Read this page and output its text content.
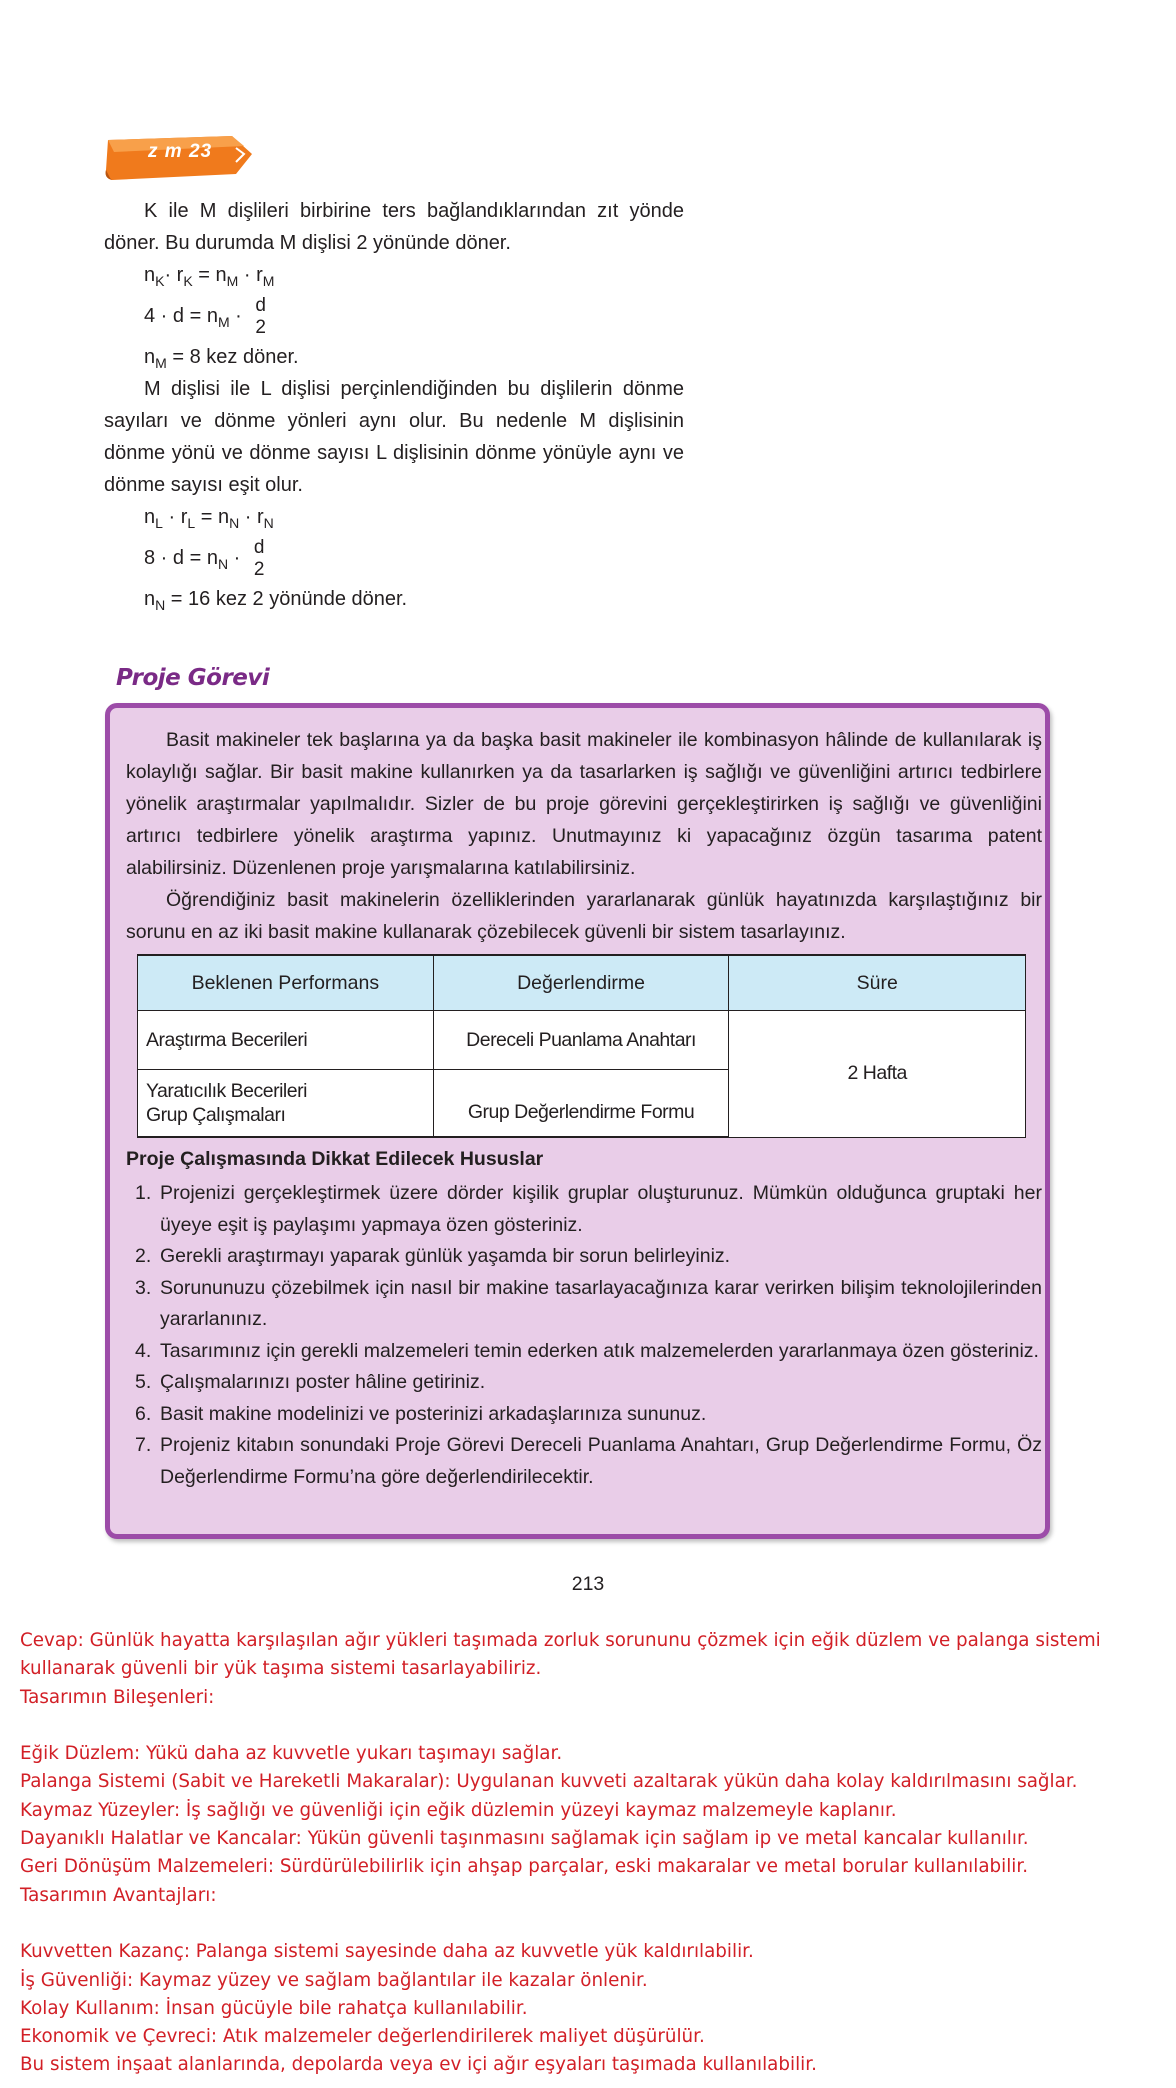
z m 23

K ile M dişlileri birbirine ters bağlandıklarından zıt yönde döner. Bu durumda M dişlisi 2 yönünde döner.

$n_K\cdot r_K = n_M \cdot r_M$
$4 \cdot d = n_M \cdot d$
2
$n_M = 8$ kez döner.

M dişlisi ile L dişlisi perçinlendiğinden bu dişlilerin dönme sayıları ve dönme yönleri aynı olur. Bu nedenle M dişlisinin dönme yönü ve dönme sayısı L dişlisinin dönme yönüyle aynı ve dönme sayısı eşit olur.

$n_L \cdot r_L = n_N \cdot r_N$
$8 \cdot d = n_N \cdot d$
2
$n_N = 16$ kez 2 yönünde döner.
Proje Görevi

Basit makineler tek başlarına ya da başka basit makineler ile kombinasyon hâlinde de kullanılarak iş kolaylığı sağlar. Bir basit makine kullanırken ya da tasarlarken iş sağlığı ve güvenliğini artırıcı tedbirlere yönelik araştırmalar yapılmalıdır. Sizler de bu proje görevini gerçekleştirirken iş sağlığı ve güvenliğini artırıcı tedbirlere yönelik araştırma yapınız. Unutmayınız ki yapacağınız özgün tasarıma patent alabilirsiniz. Düzenlenen proje yarışmalarına katılabilirsiniz.

Öğrendiğiniz basit makinelerin özelliklerinden yararlanarak günlük hayatınızda karşılaştığınız bir sorunu en az iki basit makine kullanarak çözebilecek güvenli bir sistem tasarlayınız.

Beklenen Performans	Değerlendirme	Süre
Araştırma Becerileri	Dereceli Puanlama Anahtarı	2 Hafta

Yaratıcılık Becerileri
Grup Çalışmaları	Grup Değerlendirme Formu	
Proje Çalışmasında Dikkat Edilecek Hususlar
1. Projenizi gerçekleştirmek üzere dörder kişilik gruplar oluşturunuz. Mümkün olduğunca gruptaki her üyeye eşit iş paylaşımı yapmaya özen gösteriniz.
2. Gerekli araştırmayı yaparak günlük yaşamda bir sorun belirleyiniz.
3. Sorununuzu çözebilmek için nasıl bir makine tasarlayacağınıza karar verirken bilişim teknolojilerinden yararlanınız.
4. Tasarımınız için gerekli malzemeleri temin ederken atık malzemelerden yararlanmaya özen gösteriniz.
5. Çalışmalarınızı poster hâline getiriniz.
6. Basit makine modelinizi ve posterinizi arkadaşlarınıza sununuz.
7. Projeniz kitabın sonundaki Proje Görevi Dereceli Puanlama Anahtarı, Grup Değerlendirme Formu, Öz Değerlendirme Formu’na göre değerlendirilecektir.
213
Cevap: Günlük hayatta karşılaşılan ağır yükleri taşımada zorluk sorununu çözmek için eğik düzlem ve palanga sistemi
kullanarak güvenli bir yük taşıma sistemi tasarlayabiliriz.
Tasarımın Bileşenleri:
Eğik Düzlem: Yükü daha az kuvvetle yukarı taşımayı sağlar.
Palanga Sistemi (Sabit ve Hareketli Makaralar): Uygulanan kuvveti azaltarak yükün daha kolay kaldırılmasını sağlar.
Kaymaz Yüzeyler: İş sağlığı ve güvenliği için eğik düzlemin yüzeyi kaymaz malzemeyle kaplanır.
Dayanıklı Halatlar ve Kancalar: Yükün güvenli taşınmasını sağlamak için sağlam ip ve metal kancalar kullanılır.
Geri Dönüşüm Malzemeleri: Sürdürülebilirlik için ahşap parçalar, eski makaralar ve metal borular kullanılabilir.
Tasarımın Avantajları:
Kuvvetten Kazanç: Palanga sistemi sayesinde daha az kuvvetle yük kaldırılabilir.
İş Güvenliği: Kaymaz yüzey ve sağlam bağlantılar ile kazalar önlenir.
Kolay Kullanım: İnsan gücüyle bile rahatça kullanılabilir.
Ekonomik ve Çevreci: Atık malzemeler değerlendirilerek maliyet düşürülür.
Bu sistem inşaat alanlarında, depolarda veya ev içi ağır eşyaları taşımada kullanılabilir.
